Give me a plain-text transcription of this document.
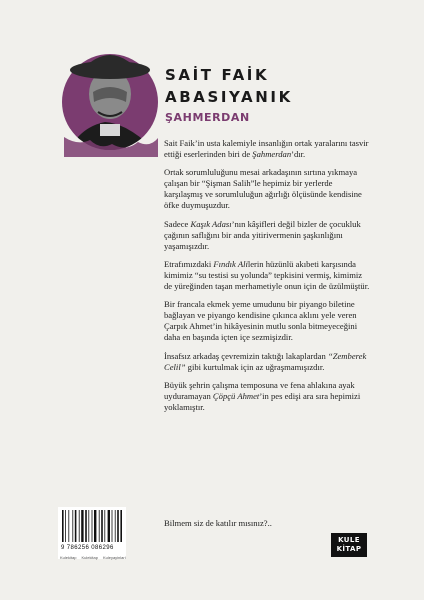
SAİT FAİK
ABASIYANIK
ŞAHMERDAN

Sait Faik’in usta kalemiyle insanlığın ortak yaralarını tasvir ettiği eserlerinden biri de Şahmerdan’dır.

Ortak sorumluluğunu mesai arkadaşının sırtına yıkmaya çalışan bir “Şişman Salih”le hepimiz bir yerlerde karşılaşmış ve sorumluluğun ağırlığı ölçüsünde kendisine öfke duymuşuzdur.

Sadece Kaşık Adası’nın kâşifleri değil bizler de çocukluk çağının saflığını bir anda yitirivermenin şaşkınlığını yaşamışızdır.

Etrafımızdaki Fındık Alilerin hüzünlü akıbeti karşısında kimimiz “su testisi su yolunda” tepkisini vermiş, kimimiz de yüreğinden taşan merhametiyle onun için de üzülmüştür.

Bir francala ekmek yeme umudunu bir piyango biletine bağlayan ve piyango kendisine çıkınca aklını yele veren Çarpık Ahmet’in hikâyesinin mutlu sonla bitmeyeceğini daha en başında içten içe sezmişizdir.

İnsafsız arkadaş çevremizin taktığı lakaplardan “Zemberek Celil” gibi kurtulmak için az uğraşmamışızdır.

Büyük şehrin çalışma temposuna ve fena ahlakına ayak uyduramayan Çöpçü Ahmet’in pes edişi ara sıra hepimizi yoklamıştır.

Bilmem siz de katılır mısınız?..
9 786256 086296
Kulekitap Kulekitap Kuleyayinlari
KULE
KİTAP
